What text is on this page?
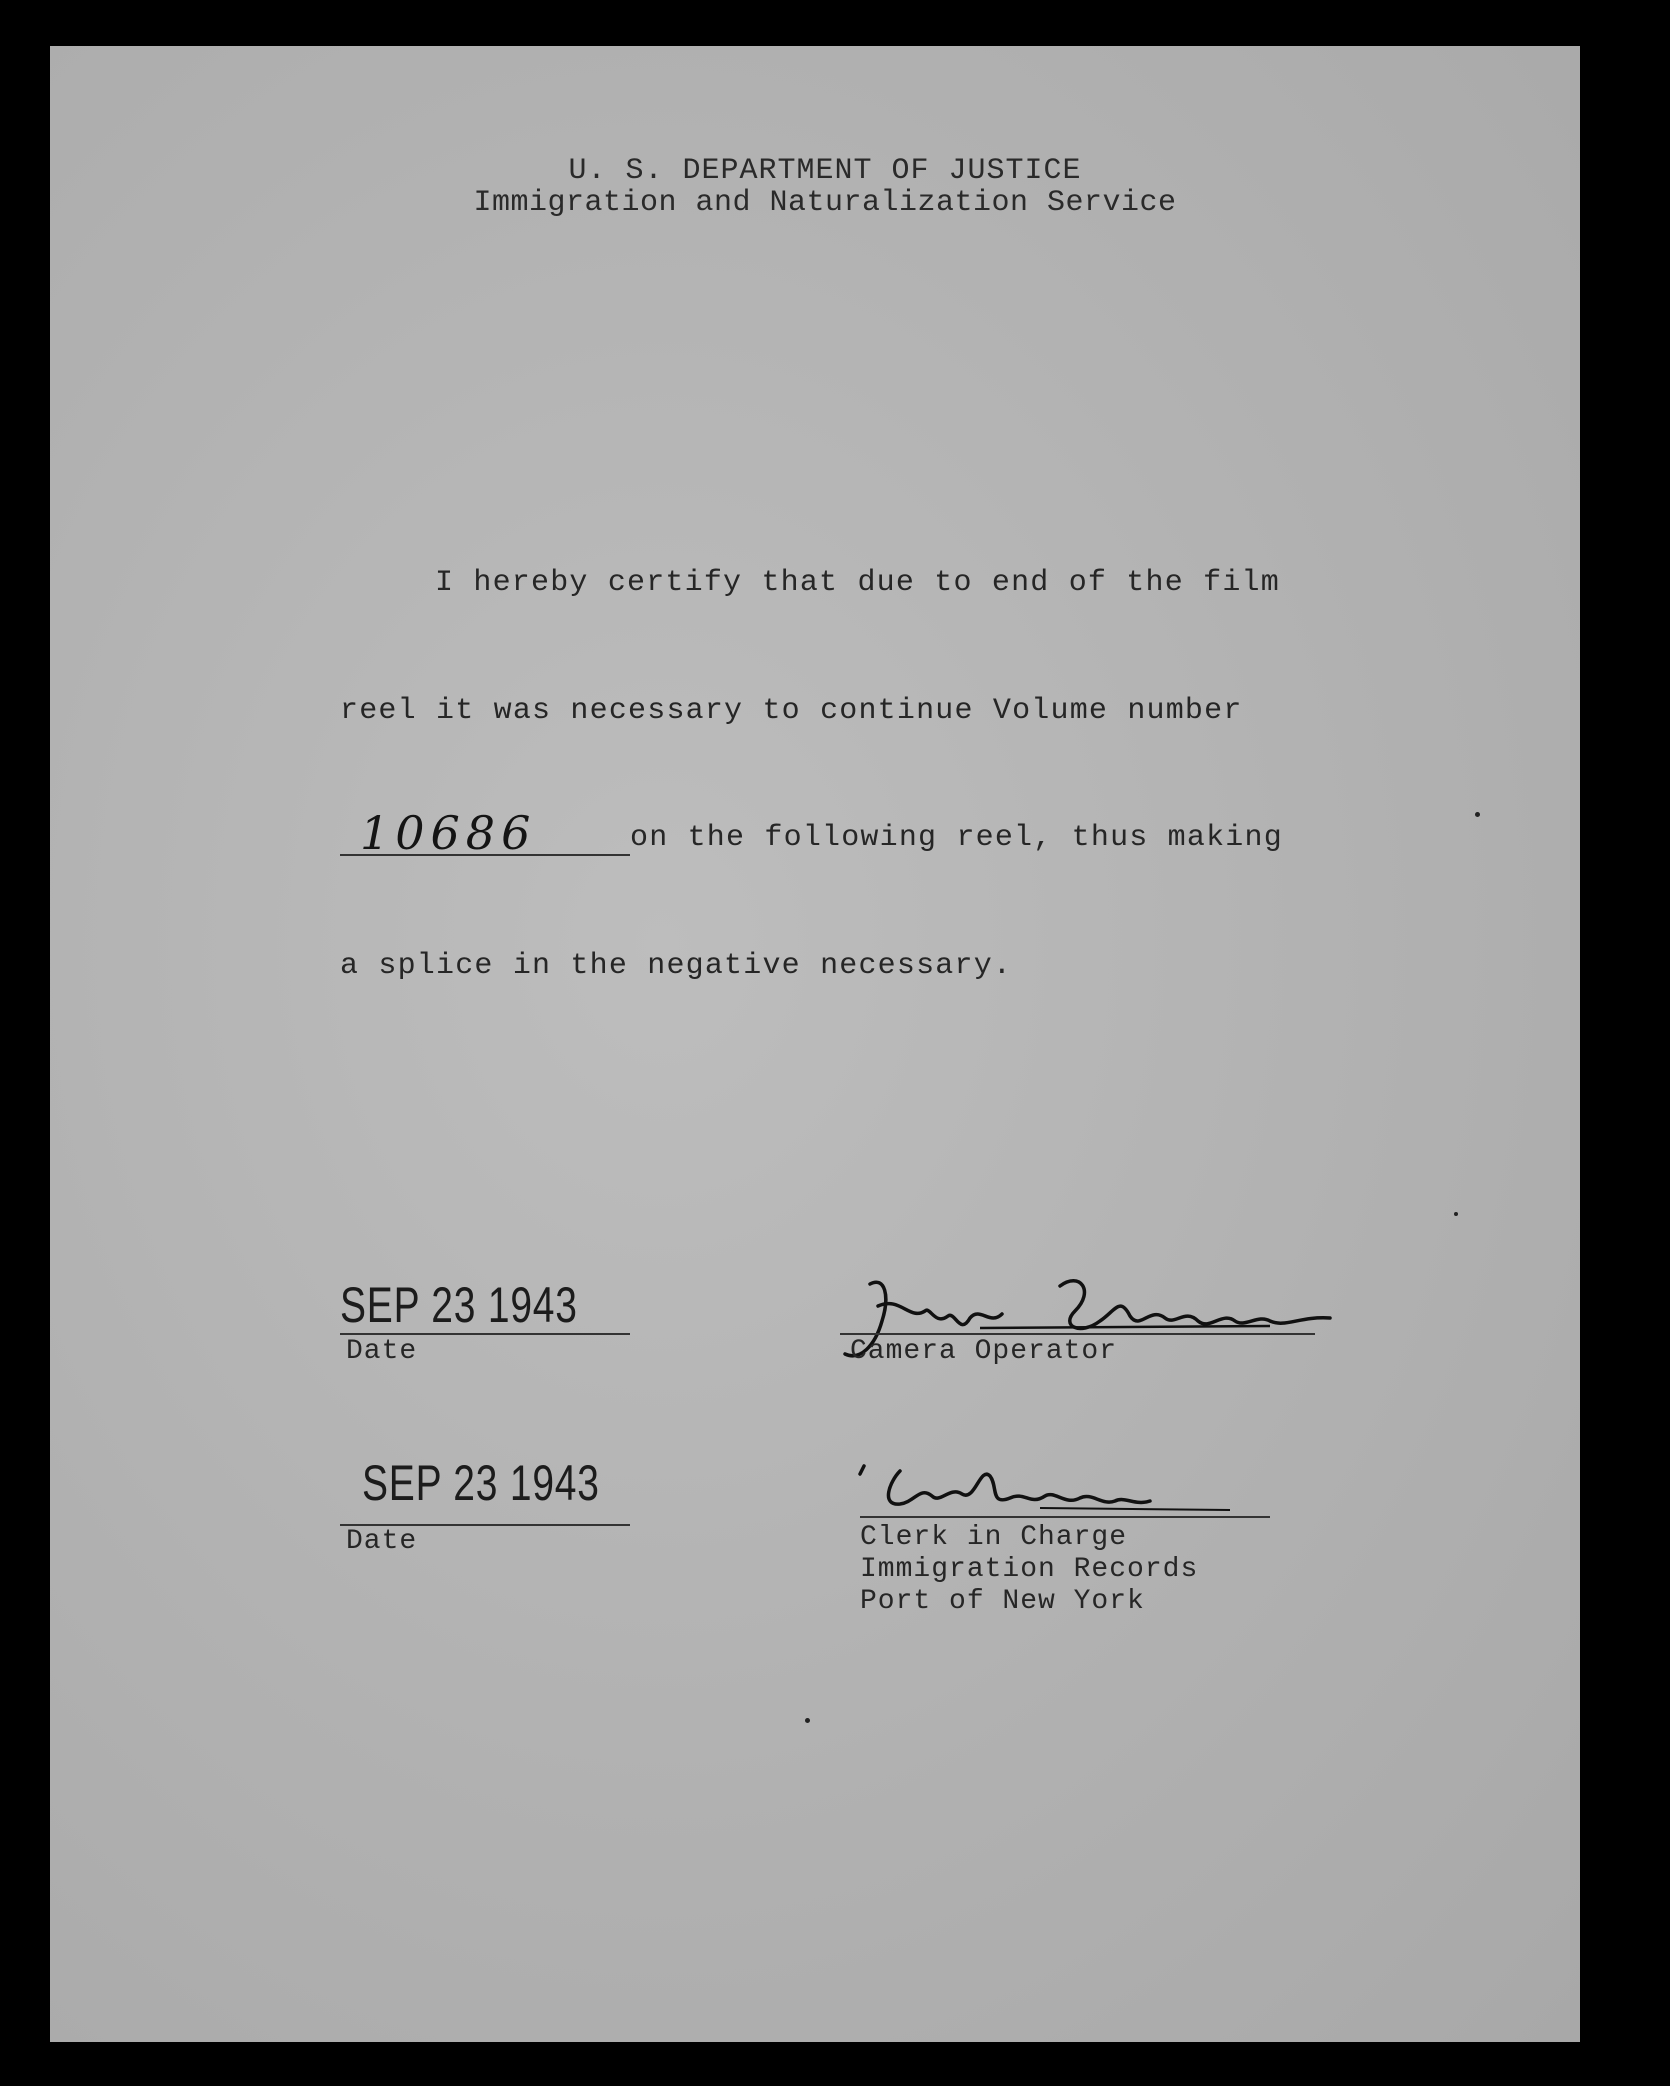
U. S. DEPARTMENT OF JUSTICE
Immigration and Naturalization Service
I hereby certify that due to end of the film
reel it was necessary to continue Volume number
10686	on the following reel, thus making
a splice in the negative necessary.
SEP 23 1943
Date	Camera Operator
SEP 23 1943
Date	Clerk in Charge
Immigration Records
Port of New York
